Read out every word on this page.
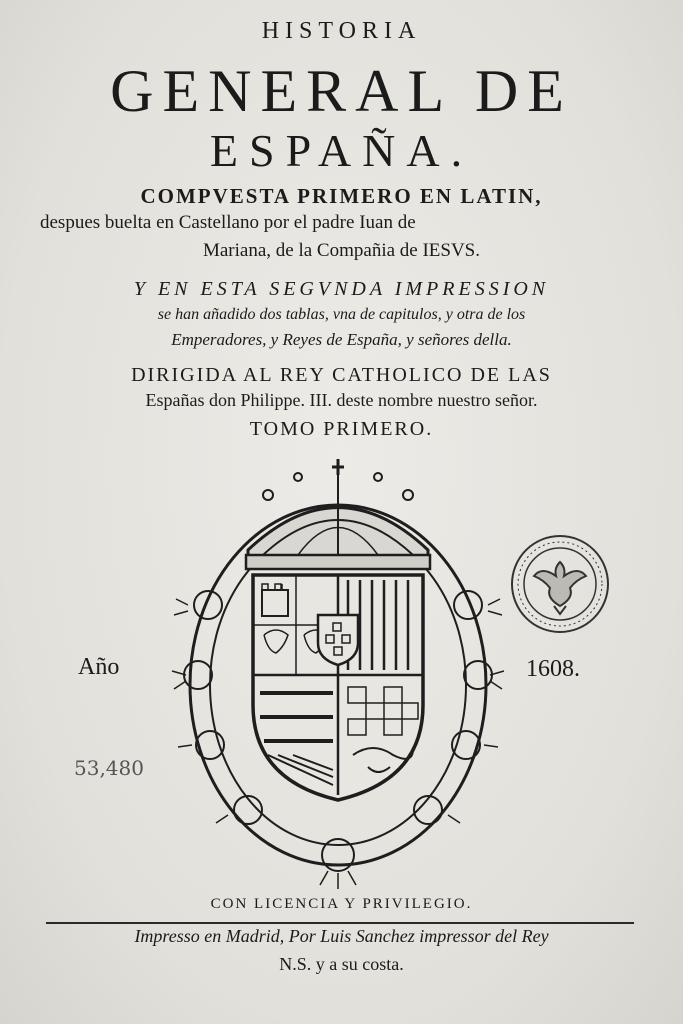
HISTORIA
GENERAL DE
ESPAÑA.
COMPVESTA PRIMERO EN LATIN,
despues buelta en Castellano por el padre Iuan de
Mariana, de la Compañia de IESVS.
Y EN ESTA SEGVNDA IMPRESSION
se han añadido dos tablas, vna de capitulos, y otra de los
Emperadores, y Reyes de España, y señores della.
DIRIGIDA AL REY CATHOLICO DE LAS
Españas don Philippe. III. deste nombre nuestro señor.
TOMO PRIMERO.
Año	1608.
53,480
CON LICENCIA Y PRIVILEGIO.
Impresso en Madrid, Por Luis Sanchez impressor del Rey
N.S. y a su costa.
